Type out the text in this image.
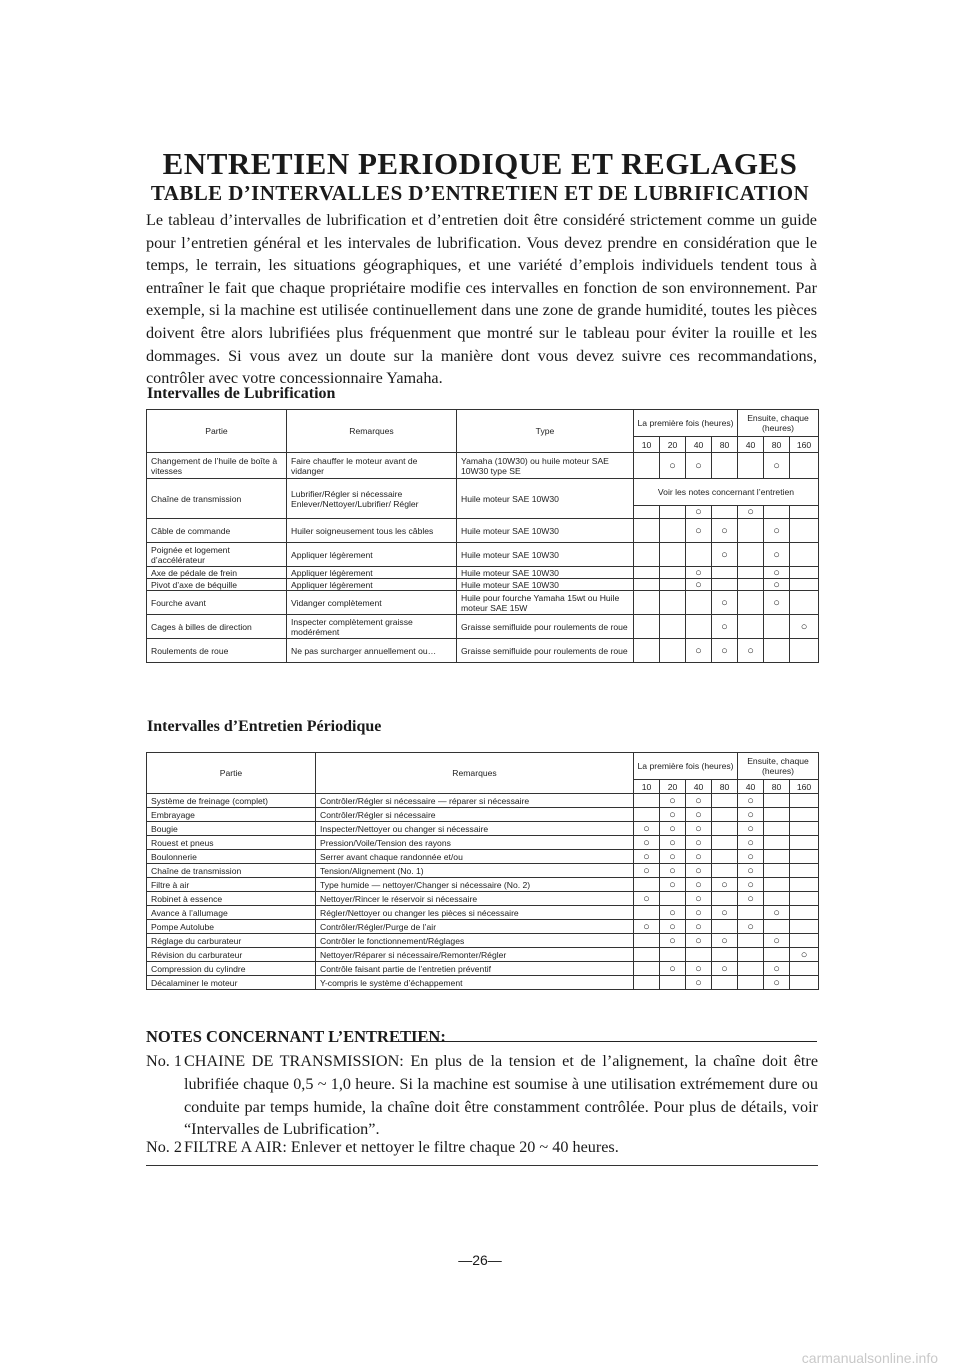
ENTRETIEN PERIODIQUE ET REGLAGES
TABLE D’INTERVALLES D’ENTRETIEN ET DE LUBRIFICATION

Le tableau d’intervalles de lubrification et d’entretien doit être considéré strictement comme un guide pour l’entretien général et les intervales de lubrification. Vous devez prendre en considération que le temps, le terrain, les situations géographiques, et une variété d’emplois individuels tendent tous à entraîner le fait que chaque propriétaire modifie ces intervalles en fonction de son environnement. Par exemple, si la machine est utilisée continuellement dans une zone de grande humidité, toutes les pièces doivent être alors lubrifiées plus fréquenment que montré sur le tableau pour éviter la rouille et les dommages. Si vous avez un doute sur la manière dont vous devez suivre ces recommandations, contrôler avec votre concessionnaire Yamaha.

Intervalles de Lubrification
Partie	Remarques	Type	La première fois (heures)				Ensuite, chaque (heures)		
			10	20	40	80	40	80	160
Changement de l’huile de boîte à vitesses	Faire chauffer le moteur avant de vidanger	Yamaha (10W30) ou huile moteur SAE 10W30 type SE		○	○			○	
Chaîne de transmission	Lubrifier/Régler si nécessaire Enlever/Nettoyer/Lubrifier/ Régler	Huile moteur SAE 10W30	Voir les notes concernant l’entretien						
					○		○		
Câble de commande	Huiler soigneusement tous les câbles	Huile moteur SAE 10W30			○	○		○	
Poignée et logement d’accélérateur	Appliquer légèrement	Huile moteur SAE 10W30				○		○	
Axe de pédale de frein	Appliquer légèrement	Huile moteur SAE 10W30			○			○	
Pivot d’axe de béquille	Appliquer légèrement	Huile moteur SAE 10W30			○			○	
Fourche avant	Vidanger complètement	Huile pour fourche Yamaha 15wt ou Huile moteur SAE 15W				○		○	
Cages à billes de direction	Inspecter complètement graisse modérément	Graisse semifluide pour roulements de roue				○			○
Roulements de roue	Ne pas surcharger annuellement ou…	Graisse semifluide pour roulements de roue			○	○	○		
Intervalles d’Entretien Périodique
Partie	Remarques	La première fois (heures)				Ensuite, chaque (heures)		
		10	20	40	80	40	80	160
Système de freinage (complet)	Contrôler/Régler si nécessaire — réparer si nécessaire		○	○		○		
Embrayage	Contrôler/Régler si nécessaire		○	○		○		
Bougie	Inspecter/Nettoyer ou changer si nécessaire	○	○	○		○		
Rouest et pneus	Pression/Voile/Tension des rayons	○	○	○		○		
Boulonnerie	Serrer avant chaque randonnée et/ou	○	○	○		○		
Chaîne de transmission	Tension/Alignement (No. 1)	○	○	○		○		
Filtre à air	Type humide — nettoyer/Changer si nécessaire (No. 2)		○	○	○	○		
Robinet à essence	Nettoyer/Rincer le réservoir si nécessaire	○		○		○		
Avance à l’allumage	Régler/Nettoyer ou changer les pièces si nécessaire		○	○	○		○	
Pompe Autolube	Contrôler/Régler/Purge de l’air	○	○	○		○		
Réglage du carburateur	Contrôler le fonctionnement/Réglages		○	○	○		○	
Révision du carburateur	Nettoyer/Réparer si nécessaire/Remonter/Régler							○
Compression du cylindre	Contrôle faisant partie de l’entretien préventif		○	○	○		○	
Décalaminer le moteur	Y-compris le système d’échappement			○			○	
NOTES CONCERNANT L’ENTRETIEN:
No. 1 CHAINE DE TRANSMISSION: En plus de la tension et de l’alignement, la chaîne doit être lubrifiée chaque 0,5 ~ 1,0 heure. Si la machine est soumise à une utilisation extrémement dure ou conduite par temps humide, la chaîne doit être constamment contrôlée. Pour plus de détails, voir “Intervalles de Lubrification”.
No. 2 FILTRE A AIR: Enlever et nettoyer le filtre chaque 20 ~ 40 heures.
—26—
carmanualsonline.info
